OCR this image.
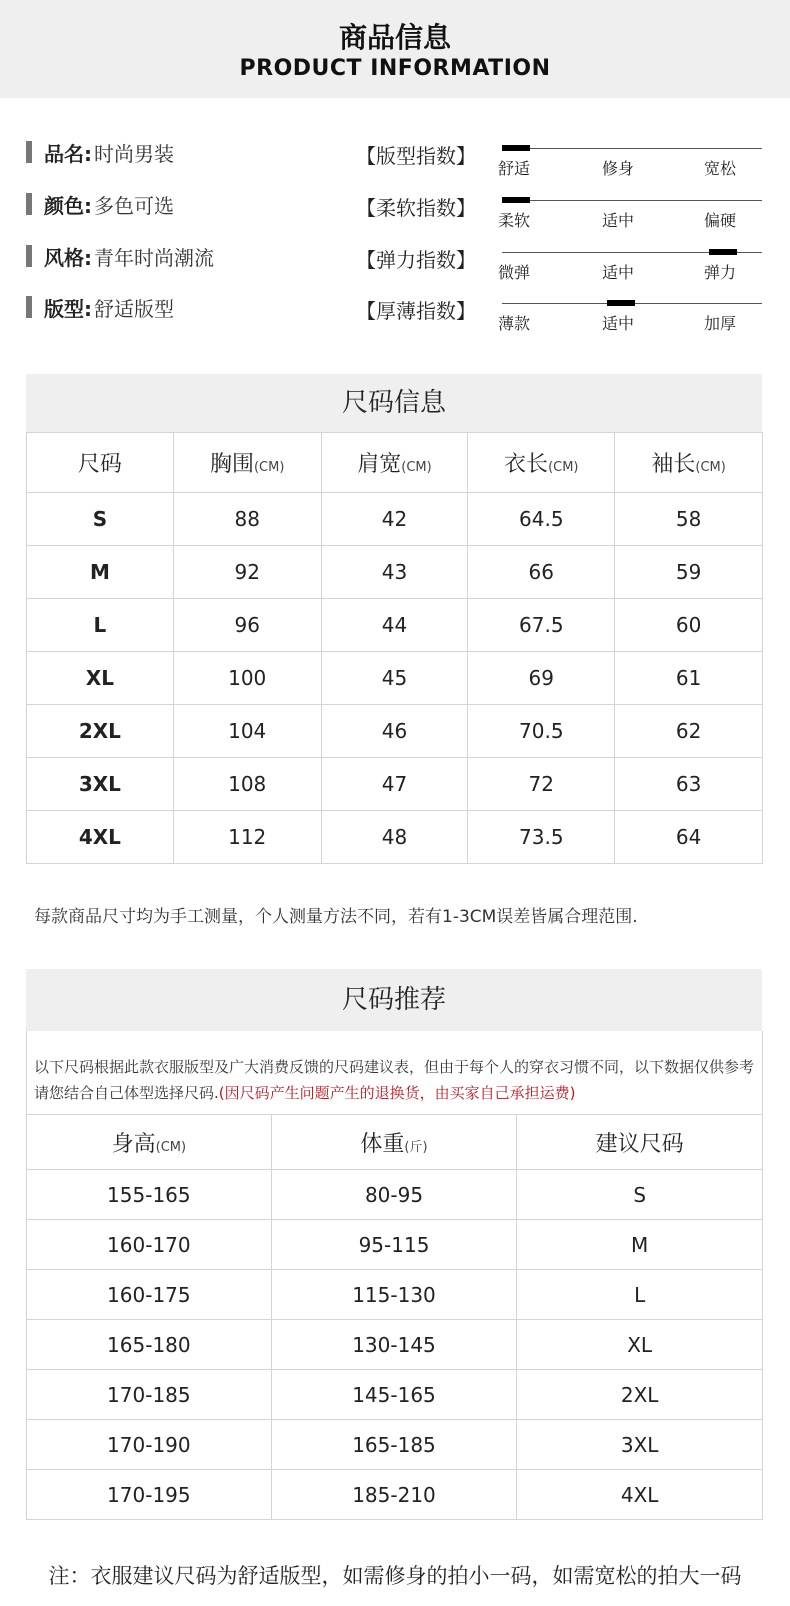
商品信息
PRODUCT INFORMATION
品名: 时尚男装
颜色: 多色可选
风格: 青年时尚潮流
版型: 舒适版型
【版型指数】
舒适	修身	宽松
【柔软指数】
柔软	适中	偏硬
【弹力指数】
微弹	适中	弹力
【厚薄指数】
薄款	适中	加厚
尺码信息
尺码	胸围(CM)	肩宽(CM)	衣长(CM)	袖长(CM)
S	88	42	64.5	58
M	92	43	66	59
L	96	44	67.5	60
XL	100	45	69	61
2XL	104	46	70.5	62
3XL	108	47	72	63
4XL	112	48	73.5	64
每款商品尺寸均为手工测量，个人测量方法不同，若有1-3CM误差皆属合理范围.
尺码推荐
以下尺码根据此款衣服版型及广大消费反馈的尺码建议表，但由于每个人的穿衣习惯不同，以下数据仅供参考请您结合自己体型选择尺码.(因尺码产生问题产生的退换货，由买家自己承担运费)
身高(CM)	体重(斤)	建议尺码
155-165	80-95	S
160-170	95-115	M
160-175	115-130	L
165-180	130-145	XL
170-185	145-165	2XL
170-190	165-185	3XL
170-195	185-210	4XL
注：衣服建议尺码为舒适版型，如需修身的拍小一码，如需宽松的拍大一码
